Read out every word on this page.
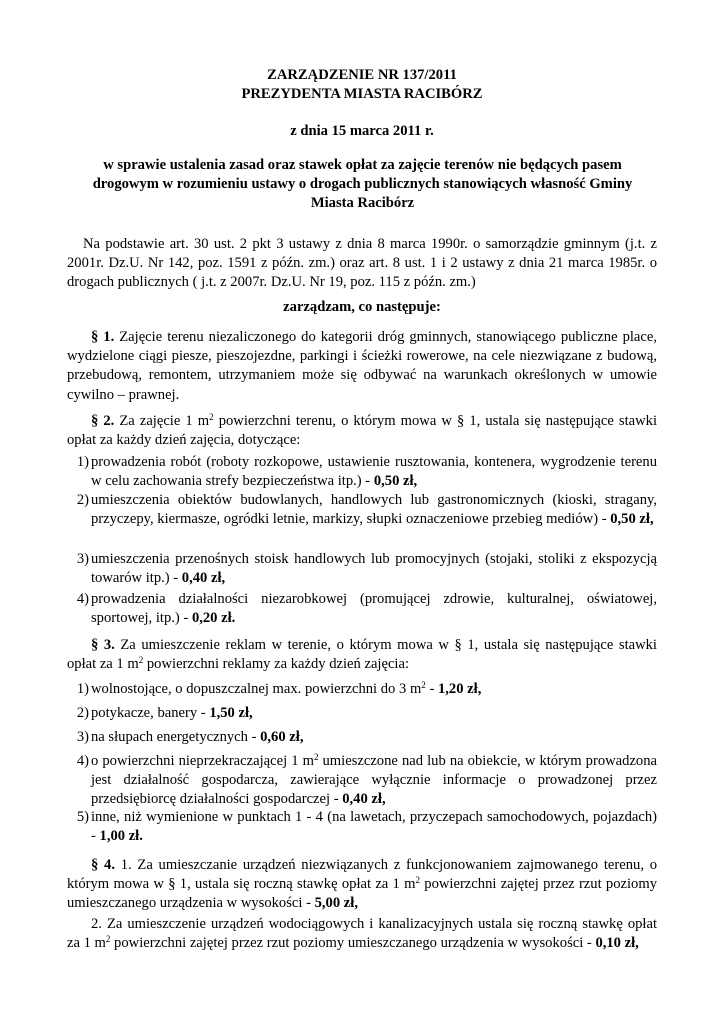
ZARZĄDZENIE NR 137/2011
PREZYDENTA MIASTA RACIBÓRZ
z dnia 15 marca 2011 r.
w sprawie ustalenia zasad oraz stawek opłat za zajęcie terenów nie będących pasem drogowym w rozumieniu ustawy o drogach publicznych stanowiących własność Gminy Miasta Racibórz
Na podstawie art. 30 ust. 2 pkt 3 ustawy z dnia 8 marca 1990r. o samorządzie gminnym (j.t. z 2001r. Dz.U. Nr 142, poz. 1591 z późn. zm.) oraz art. 8 ust. 1 i 2 ustawy z dnia 21 marca 1985r. o drogach publicznych ( j.t. z 2007r. Dz.U. Nr 19, poz. 115 z późn. zm.)
zarządzam, co następuje:
§ 1. Zajęcie terenu niezaliczonego do kategorii dróg gminnych, stanowiącego publiczne place, wydzielone ciągi piesze, pieszojezdne, parkingi i ścieżki rowerowe, na cele niezwiązane z budową, przebudową, remontem, utrzymaniem może się odbywać na warunkach określonych w umowie cywilno – prawnej.
§ 2. Za zajęcie 1 $m^2$ powierzchni terenu, o którym mowa w § 1, ustala się następujące stawki opłat za każdy dzień zajęcia, dotyczące:
1) prowadzenia robót (roboty rozkopowe, ustawienie rusztowania, kontenera, wygrodzenie terenu w celu zachowania strefy bezpieczeństwa itp.) - 0,50 zł,
2) umieszczenia obiektów budowlanych, handlowych lub gastronomicznych (kioski, stragany, przyczepy, kiermasze, ogródki letnie, markizy, słupki oznaczeniowe przebieg mediów) - 0,50 zł,
3) umieszczenia przenośnych stoisk handlowych lub promocyjnych (stojaki, stoliki z ekspozycją towarów itp.) - 0,40 zł,
4) prowadzenia działalności niezarobkowej (promującej zdrowie, kulturalnej, oświatowej, sportowej, itp.) - 0,20 zł.
§ 3. Za umieszczenie reklam w terenie, o którym mowa w § 1, ustala się następujące stawki opłat za 1 $m^2$ powierzchni reklamy za każdy dzień zajęcia:
1) wolnostojące, o dopuszczalnej max. powierzchni do 3 $m^2 - 1,20$ zł,
2) potykacze, banery - 1,50 zł,
3) na słupach energetycznych - 0,60 zł,
4) o powierzchni nieprzekraczającej 1 $m^2$ umieszczone nad lub na obiekcie, w którym prowadzona jest działalność gospodarcza, zawierające wyłącznie informacje o prowadzonej przez przedsiębiorcę działalności gospodarczej - 0,40 zł,
5) inne, niż wymienione w punktach 1 - 4 (na lawetach, przyczepach samochodowych, pojazdach) - 1,00 zł.
§ 4. 1. Za umieszczanie urządzeń niezwiązanych z funkcjonowaniem zajmowanego terenu, o którym mowa w § 1, ustala się roczną stawkę opłat za 1 $m^2$ powierzchni zajętej przez rzut poziomy umieszczanego urządzenia w wysokości - 5,00 zł,
2. Za umieszczenie urządzeń wodociągowych i kanalizacyjnych ustala się roczną stawkę opłat za 1 $m^2$ powierzchni zajętej przez rzut poziomy umieszczanego urządzenia w wysokości - 0,10 zł,
